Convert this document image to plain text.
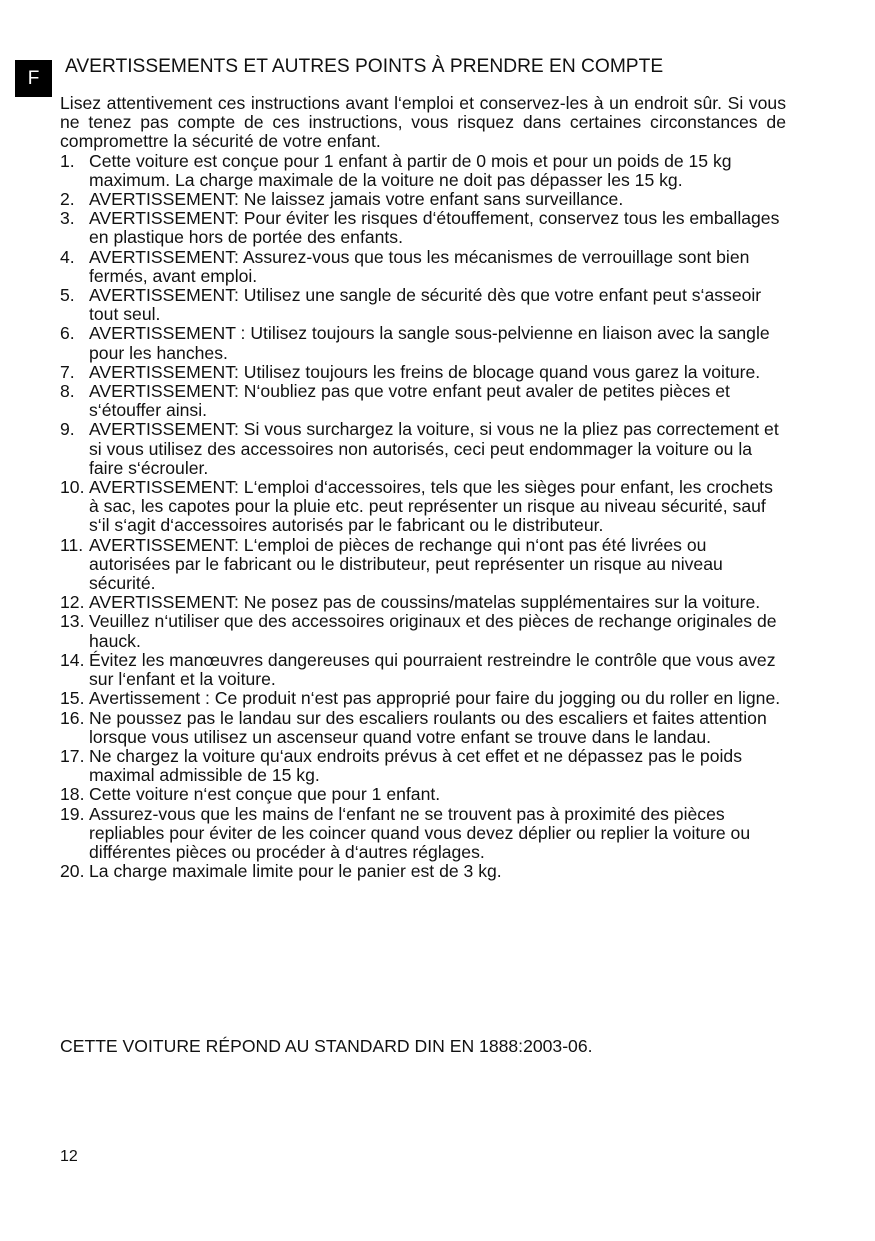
F
AVERTISSEMENTS ET AUTRES POINTS À PRENDRE EN COMPTE

Lisez attentivement ces instructions avant l‘emploi et conservez-les à un endroit sûr. Si vous ne tenez pas compte de ces instructions, vous risquez dans certaines circonstances de compromettre la sécurité de votre enfant.

1. Cette voiture est conçue pour 1 enfant à partir de 0 mois et pour un poids de 15 kg maximum. La charge maximale de la voiture ne doit pas dépasser les 15 kg.
2. AVERTISSEMENT: Ne laissez jamais votre enfant sans surveillance.
3. AVERTISSEMENT: Pour éviter les risques d‘étouffement, conservez tous les emballages en plastique hors de portée des enfants.
4. AVERTISSEMENT: Assurez-vous que tous les mécanismes de verrouillage sont bien fermés, avant emploi.
5. AVERTISSEMENT: Utilisez une sangle de sécurité dès que votre enfant peut s‘asseoir tout seul.
6. AVERTISSEMENT : Utilisez toujours la sangle sous-pelvienne en liaison avec la sangle pour les hanches.
7. AVERTISSEMENT: Utilisez toujours les freins de blocage quand vous garez la voiture.
8. AVERTISSEMENT: N‘oubliez pas que votre enfant peut avaler de petites pièces et s‘étouffer ainsi.
9. AVERTISSEMENT: Si vous surchargez la voiture, si vous ne la pliez pas correctement et si vous utilisez des accessoires non autorisés, ceci peut endommager la voiture ou la faire s‘écrouler.
10. AVERTISSEMENT: L‘emploi d‘accessoires, tels que les sièges pour enfant, les crochets à sac, les capotes pour la pluie etc. peut représenter un risque au niveau sécurité, sauf s‘il s‘agit d‘accessoires autorisés par le fabricant ou le distributeur.
11. AVERTISSEMENT: L‘emploi de pièces de rechange qui n‘ont pas été livrées ou autorisées par le fabricant ou le distributeur, peut représenter un risque au niveau sécurité.
12. AVERTISSEMENT: Ne posez pas de coussins/matelas supplémentaires sur la voiture.
13. Veuillez n‘utiliser que des accessoires originaux et des pièces de rechange originales de hauck.
14. Évitez les manœuvres dangereuses qui pourraient restreindre le contrôle que vous avez sur l‘enfant et la voiture.
15. Avertissement : Ce produit n‘est pas approprié pour faire du jogging ou du roller en ligne.
16. Ne poussez pas le landau sur des escaliers roulants ou des escaliers et faites attention lorsque vous utilisez un ascenseur quand votre enfant se trouve dans le landau.
17. Ne chargez la voiture qu‘aux endroits prévus à cet effet et ne dépassez pas le poids maximal admissible de 15 kg.
18. Cette voiture n‘est conçue que pour 1 enfant.
19. Assurez-vous que les mains de l‘enfant ne se trouvent pas à proximité des pièces repliables pour éviter de les coincer quand vous devez déplier ou replier la voiture ou différentes pièces ou procéder à d‘autres réglages.
20. La charge maximale limite pour le panier est de 3 kg.

CETTE VOITURE RÉPOND AU STANDARD DIN EN 1888:2003-06.

12
